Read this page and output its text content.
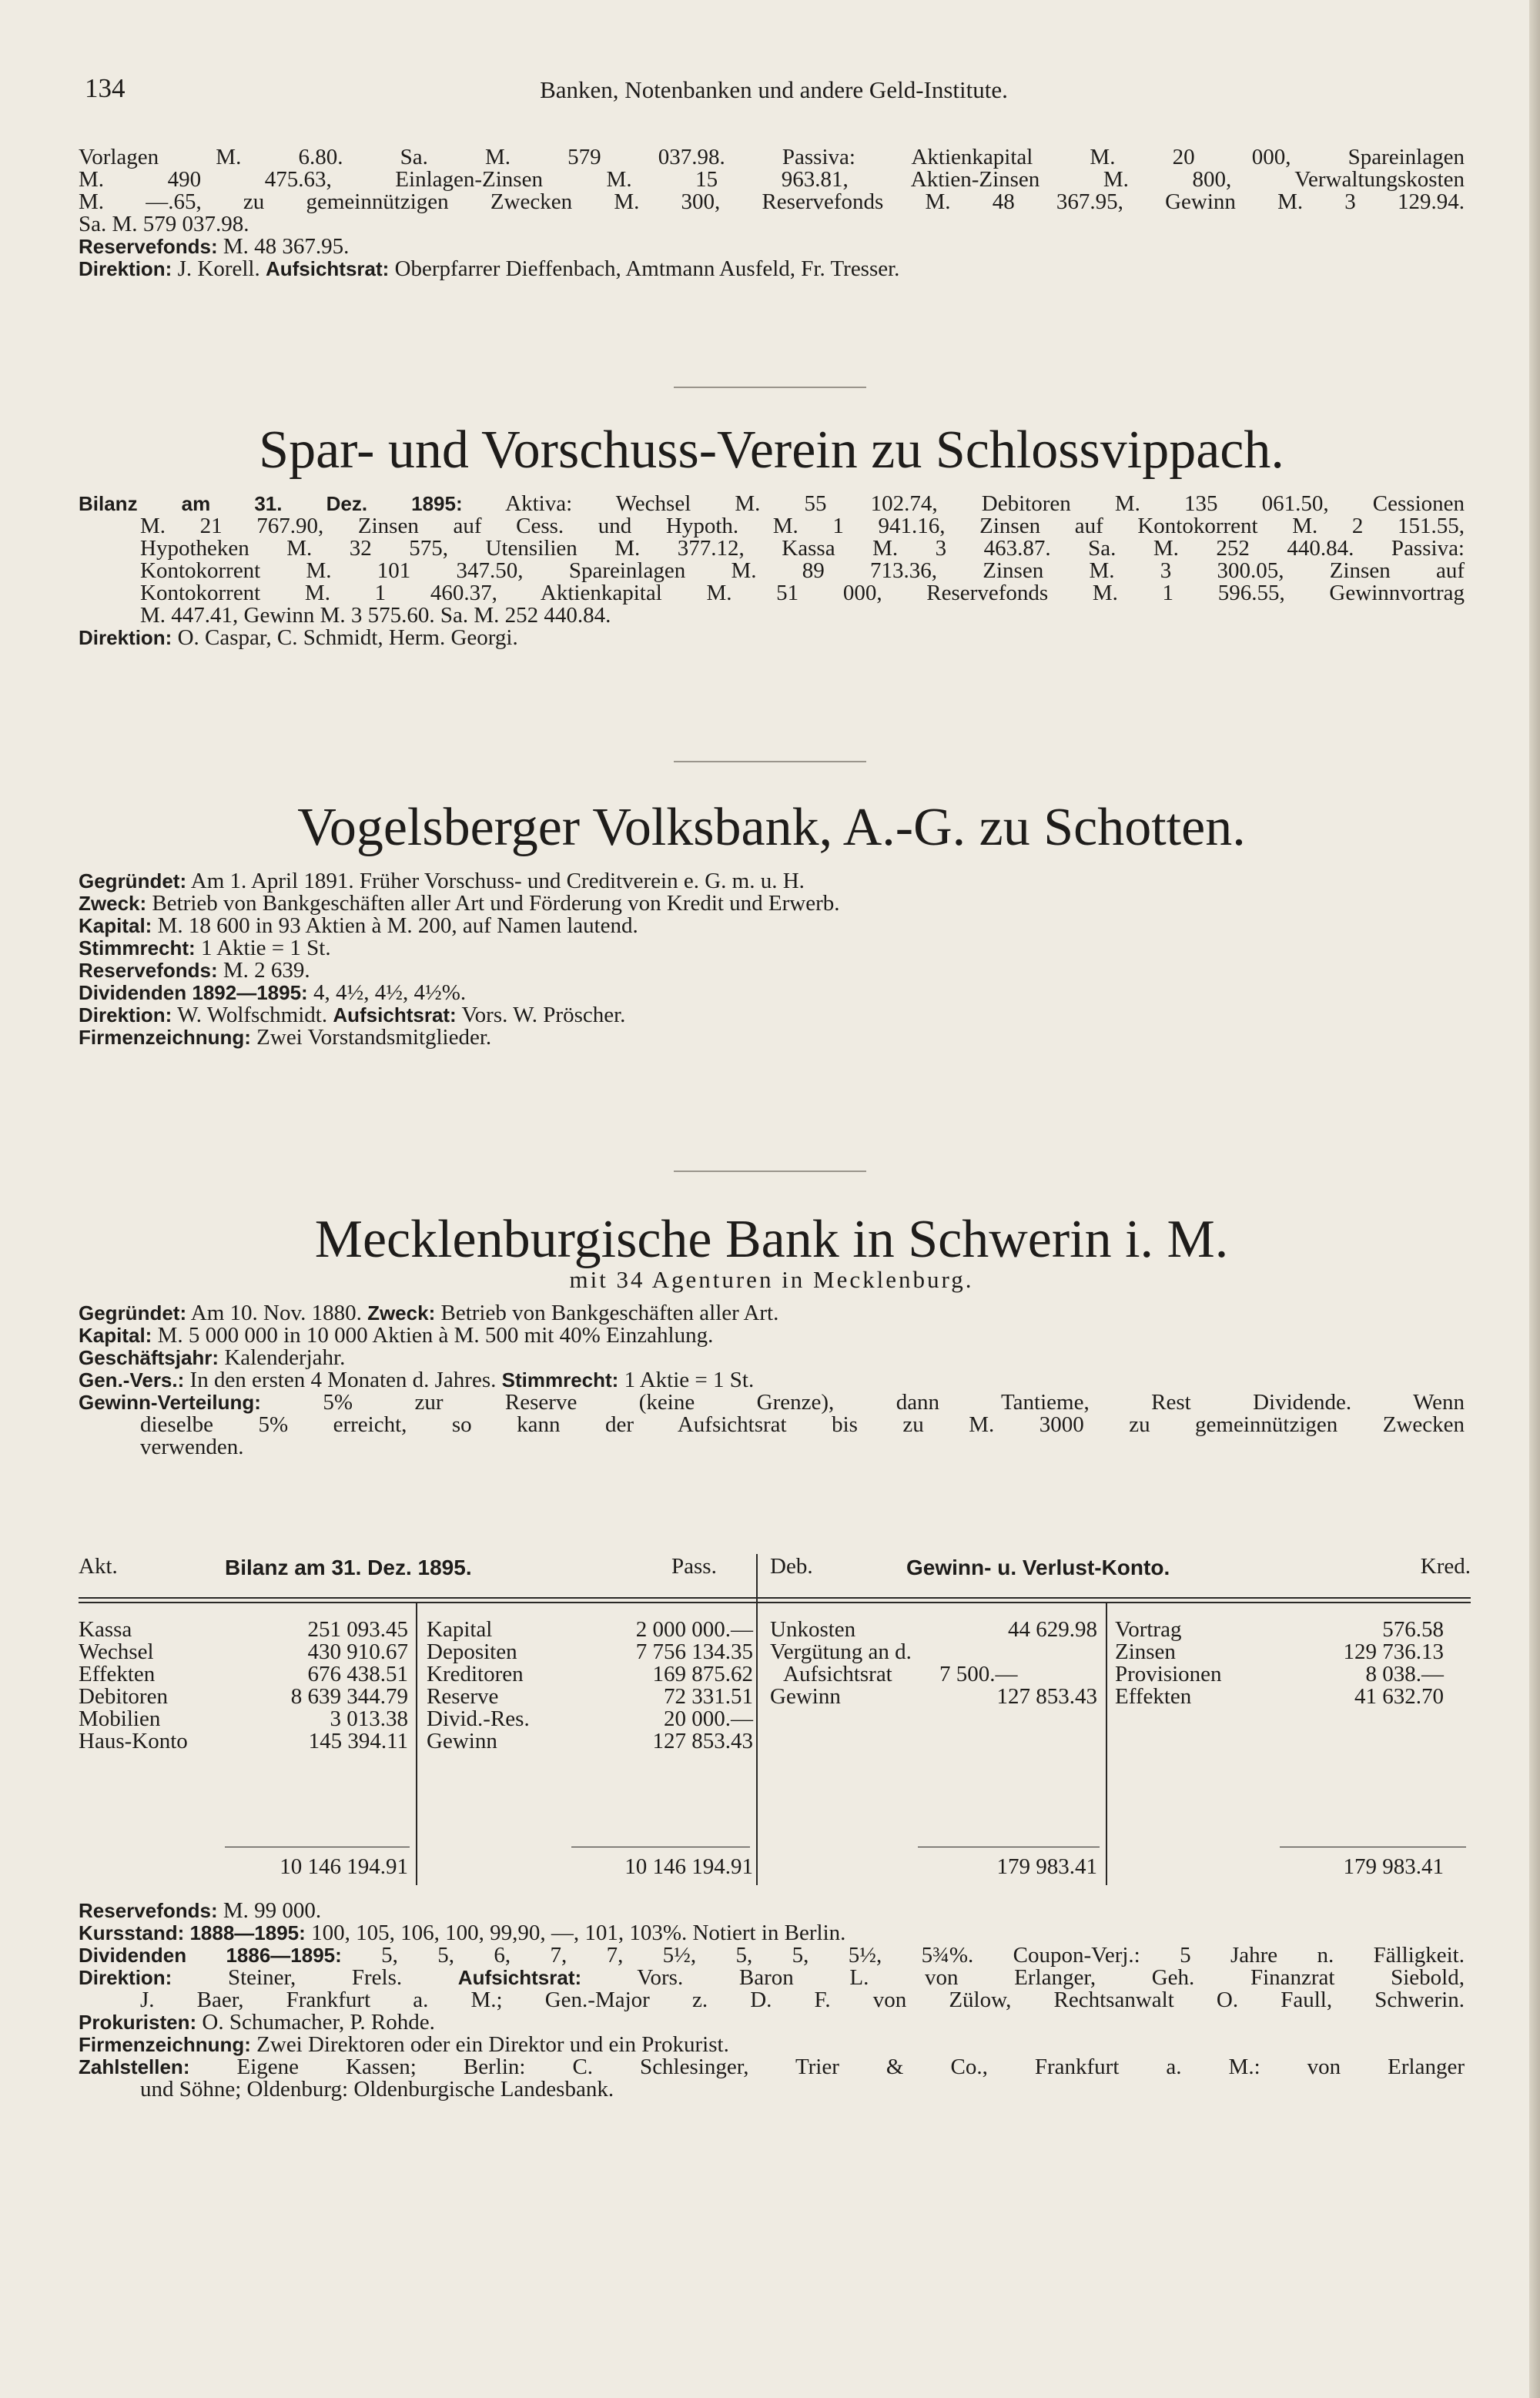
134	Banken, Notenbanken und andere Geld-Institute.
Vorlagen M. 6.80. Sa. M. 579 037.98. Passiva: Aktienkapital M. 20 000, Spareinlagen
M. 490 475.63, Einlagen-Zinsen M. 15 963.81, Aktien-Zinsen M. 800, Verwaltungskosten
M. —.65, zu gemeinnützigen Zwecken M. 300, Reservefonds M. 48 367.95, Gewinn M. 3 129.94.
Sa. M. 579 037.98.
Reservefonds: M. 48 367.95.
Direktion: J. Korell. Aufsichtsrat: Oberpfarrer Dieffenbach, Amtmann Ausfeld, Fr. Tresser.
Spar- und Vorschuss-Verein zu Schlossvippach.
Bilanz am 31. Dez. 1895: Aktiva: Wechsel M. 55 102.74, Debitoren M. 135 061.50, Cessionen
M. 21 767.90, Zinsen auf Cess. und Hypoth. M. 1 941.16, Zinsen auf Kontokorrent M. 2 151.55,
Hypotheken M. 32 575, Utensilien M. 377.12, Kassa M. 3 463.87. Sa. M. 252 440.84. Passiva:
Kontokorrent M. 101 347.50, Spareinlagen M. 89 713.36, Zinsen M. 3 300.05, Zinsen auf
Kontokorrent M. 1 460.37, Aktienkapital M. 51 000, Reservefonds M. 1 596.55, Gewinnvortrag
M. 447.41, Gewinn M. 3 575.60. Sa. M. 252 440.84.
Direktion: O. Caspar, C. Schmidt, Herm. Georgi.
Vogelsberger Volksbank, A.-G. zu Schotten.
Gegründet: Am 1. April 1891. Früher Vorschuss- und Creditverein e. G. m. u. H.
Zweck: Betrieb von Bankgeschäften aller Art und Förderung von Kredit und Erwerb.
Kapital: M. 18 600 in 93 Aktien à M. 200, auf Namen lautend.
Stimmrecht: 1 Aktie = 1 St.
Reservefonds: M. 2 639.
Dividenden 1892—1895: 4, 4½, 4½, 4½%.
Direktion: W. Wolfschmidt. Aufsichtsrat: Vors. W. Pröscher.
Firmenzeichnung: Zwei Vorstandsmitglieder.
Mecklenburgische Bank in Schwerin i. M.
mit 34 Agenturen in Mecklenburg.
Gegründet: Am 10. Nov. 1880. Zweck: Betrieb von Bankgeschäften aller Art.
Kapital: M. 5 000 000 in 10 000 Aktien à M. 500 mit 40% Einzahlung.
Geschäftsjahr: Kalenderjahr.
Gen.-Vers.: In den ersten 4 Monaten d. Jahres. Stimmrecht: 1 Aktie = 1 St.
Gewinn-Verteilung:	5% zur Reserve (keine Grenze), dann Tantieme, Rest Dividende. Wenn
dieselbe 5% erreicht, so kann der Aufsichtsrat bis zu M. 3000 zu gemeinnützigen Zwecken
verwenden.
Akt.	Bilanz am 31. Dez. 1895.	Pass. Deb.	Gewinn- u. Verlust-Konto.	Kred.
Kassa	251 093.45
Wechsel	430 910.67
Effekten	676 438.51
Debitoren	8 639 344.79
Mobilien	3 013.38
Haus-Konto	145 394.11
Kapital	2 000 000.—
Depositen	7 756 134.35
Kreditoren	169 875.62
Reserve	72 331.51
Divid.-Res.	20 000.—
Gewinn	127 853.43
Unkosten	44 629.98
Vergütung an d.
Aufsichtsrat 7 500.—
Gewinn	127 853.43
Vortrag	576.58
Zinsen	129 736.13
Provisionen	8 038.—
Effekten	41 632.70
10 146 194.91	10 146 194.91	179 983.41	179 983.41
Reservefonds: M. 99 000.
Kursstand: 1888—1895: 100, 105, 106, 100, 99,90, —, 101, 103%. Notiert in Berlin.
Dividenden 1886—1895: 5, 5, 6, 7, 7, 5½, 5, 5, 5½, 5¾%. Coupon-Verj.: 5 Jahre n. Fälligkeit.
Direktion:	Steiner, Frels.	Aufsichtsrat: Vors. Baron L. von Erlanger, Geh. Finanzrat Siebold,
J. Baer, Frankfurt a. M.; Gen.-Major z. D. F. von Zülow, Rechtsanwalt O. Faull, Schwerin.
Prokuristen: O. Schumacher, P. Rohde.
Firmenzeichnung: Zwei Direktoren oder ein Direktor und ein Prokurist.
Zahlstellen: Eigene Kassen; Berlin: C. Schlesinger, Trier & Co., Frankfurt a. M.: von Erlanger
und Söhne; Oldenburg: Oldenburgische Landesbank.
